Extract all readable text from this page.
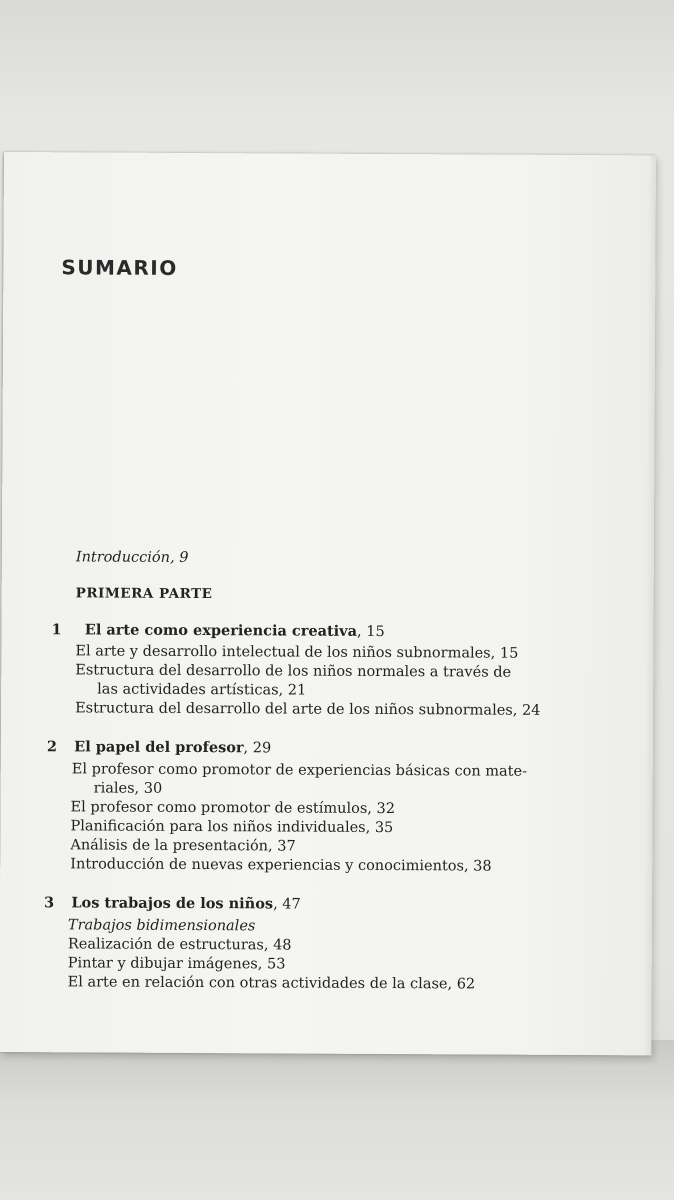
SUMARIO
Introducción, 9
PRIMERA PARTE
1 El arte como experiencia creativa, 15
El arte y desarrollo intelectual de los niños subnormales, 15
Estructura del desarrollo de los niños normales a través de
las actividades artísticas, 21
Estructura del desarrollo del arte de los niños subnormales, 24
2 El papel del profesor, 29
El profesor como promotor de experiencias básicas con mate-
riales, 30
El profesor como promotor de estímulos, 32
Planificación para los niños individuales, 35
Análisis de la presentación, 37
Introducción de nuevas experiencias y conocimientos, 38
3 Los trabajos de los niños, 47
Trabajos bidimensionales
Realización de estructuras, 48
Pintar y dibujar imágenes, 53
El arte en relación con otras actividades de la clase, 62
